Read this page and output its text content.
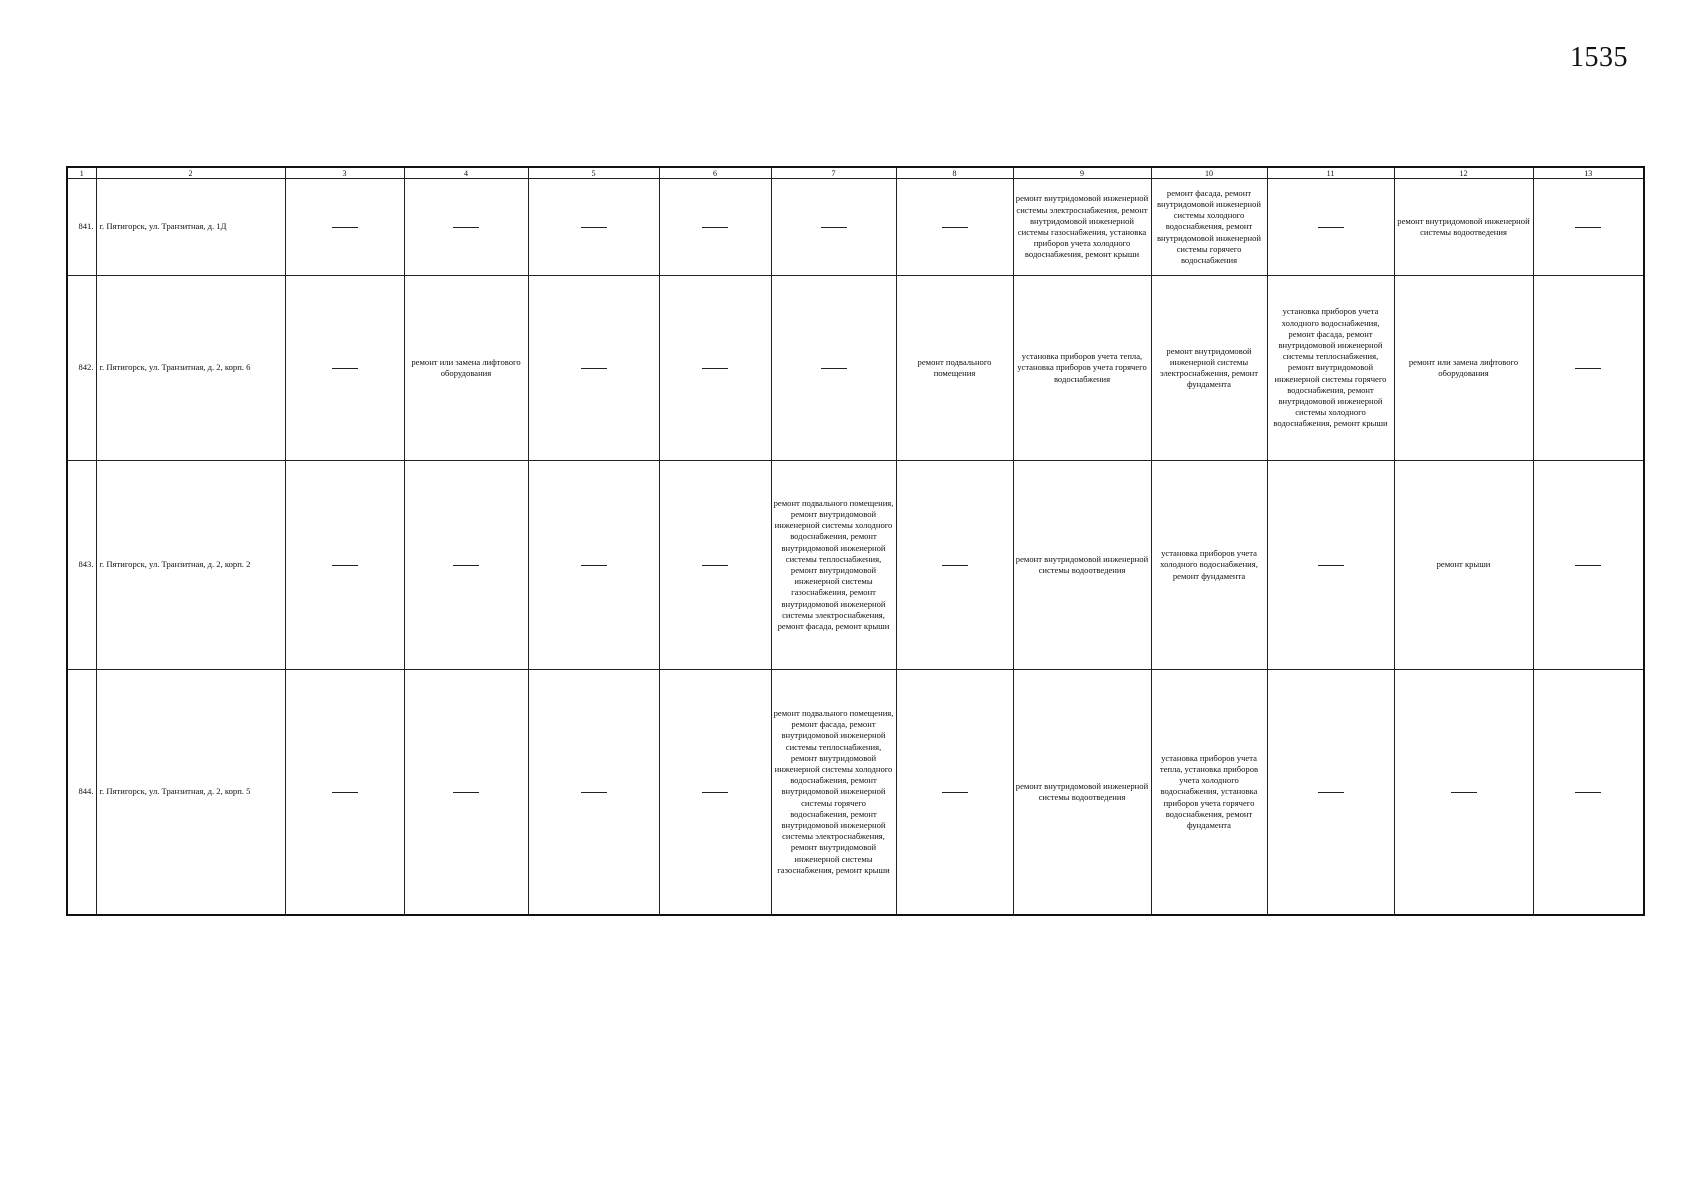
1535
1	2	3	4	5	6	7	8	9	10	11	12	13
841.	г. Пятигорск, ул. Транзитная, д. 1Д							ремонт внутридомовой инженерной системы электроснабжения, ремонт внутридомовой инженерной системы газоснабжения, установка приборов учета холодного водоснабжения, ремонт крыши	ремонт фасада, ремонт внутридомовой инженерной системы холодного водоснабжения, ремонт внутридомовой инженерной системы горячего водоснабжения		ремонт внутридомовой инженерной системы водоотведения	
842.	г. Пятигорск, ул. Транзитная, д. 2, корп. 6		ремонт или замена лифтового оборудования				ремонт подвального помещения	установка приборов учета тепла, установка приборов учета горячего водоснабжения	ремонт внутридомовой инженерной системы электроснабжения, ремонт фундамента	установка приборов учета холодного водоснабжения, ремонт фасада, ремонт внутридомовой инженерной системы теплоснабжения, ремонт внутридомовой инженерной системы горячего водоснабжения, ремонт внутридомовой инженерной системы холодного водоснабжения, ремонт крыши	ремонт или замена лифтового оборудования	
843.	г. Пятигорск, ул. Транзитная, д. 2, корп. 2					ремонт подвального помещения, ремонт внутридомовой инженерной системы холодного водоснабжения, ремонт внутридомовой инженерной системы теплоснабжения, ремонт внутридомовой инженерной системы газоснабжения, ремонт внутридомовой инженерной системы электроснабжения, ремонт фасада, ремонт крыши		ремонт внутридомовой инженерной системы водоотведения	установка приборов учета холодного водоснабжения, ремонт фундамента		ремонт крыши	
844.	г. Пятигорск, ул. Транзитная, д. 2, корп. 5					ремонт подвального помещения, ремонт фасада, ремонт внутридомовой инженерной системы теплоснабжения, ремонт внутридомовой инженерной системы холодного водоснабжения, ремонт внутридомовой инженерной системы горячего водоснабжения, ремонт внутридомовой инженерной системы электроснабжения, ремонт внутридомовой инженерной системы газоснабжения, ремонт крыши		ремонт внутридомовой инженерной системы водоотведения	установка приборов учета тепла, установка приборов учета холодного водоснабжения, установка приборов учета горячего водоснабжения, ремонт фундамента			
